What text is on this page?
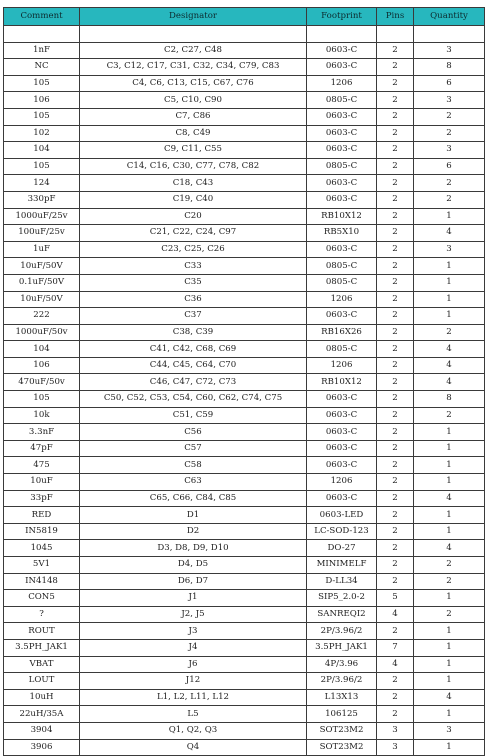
Comment	Designator	Footprint	Pins	Quantity

1nF	C2, C27, C48	0603-C	2	3
NC	C3, C12, C17, C31, C32, C34, C79, C83	0603-C	2	8
105	C4, C6, C13, C15, C67, C76	1206	2	6
106	C5, C10, C90	0805-C	2	3
105	C7, C86	0603-C	2	2
102	C8, C49	0603-C	2	2
104	C9, C11, C55	0603-C	2	3
105	C14, C16, C30, C77, C78, C82	0805-C	2	6
124	C18, C43	0603-C	2	2
330pF	C19, C40	0603-C	2	2
1000uF/25v	C20	RB10X12	2	1
100uF/25v	C21, C22, C24, C97	RB5X10	2	4
1uF	C23, C25, C26	0603-C	2	3
10uF/50V	C33	0805-C	2	1
0.1uF/50V	C35	0805-C	2	1
10uF/50V	C36	1206	2	1
222	C37	0603-C	2	1
1000uF/50v	C38, C39	RB16X26	2	2
104	C41, C42, C68, C69	0805-C	2	4
106	C44, C45, C64, C70	1206	2	4
470uF/50v	C46, C47, C72, C73	RB10X12	2	4
105	C50, C52, C53, C54, C60, C62, C74, C75	0603-C	2	8
10k	C51, C59	0603-C	2	2
3.3nF	C56	0603-C	2	1
47pF	C57	0603-C	2	1
475	C58	0603-C	2	1
10uF	C63	1206	2	1
33pF	C65, C66, C84, C85	0603-C	2	4
RED	D1	0603-LED	2	1
IN5819	D2	LC-SOD-123	2	1
1045	D3, D8, D9, D10	DO-27	2	4
5V1	D4, D5	MINIMELF	2	2
IN4148	D6, D7	D-LL34	2	2
CON5	J1	SIP5_2.0-2	5	1
?	J2, J5	SANREQI2	4	2
ROUT	J3	2P/3.96/2	2	1
3.5PH_JAK1	J4	3.5PH_JAK1	7	1
VBAT	J6	4P/3.96	4	1
LOUT	J12	2P/3.96/2	2	1
10uH	L1, L2, L11, L12	L13X13	2	4
22uH/35A	L5	106125	2	1
3904	Q1, Q2, Q3	SOT23M2	3	3
3906	Q4	SOT23M2	3	1
